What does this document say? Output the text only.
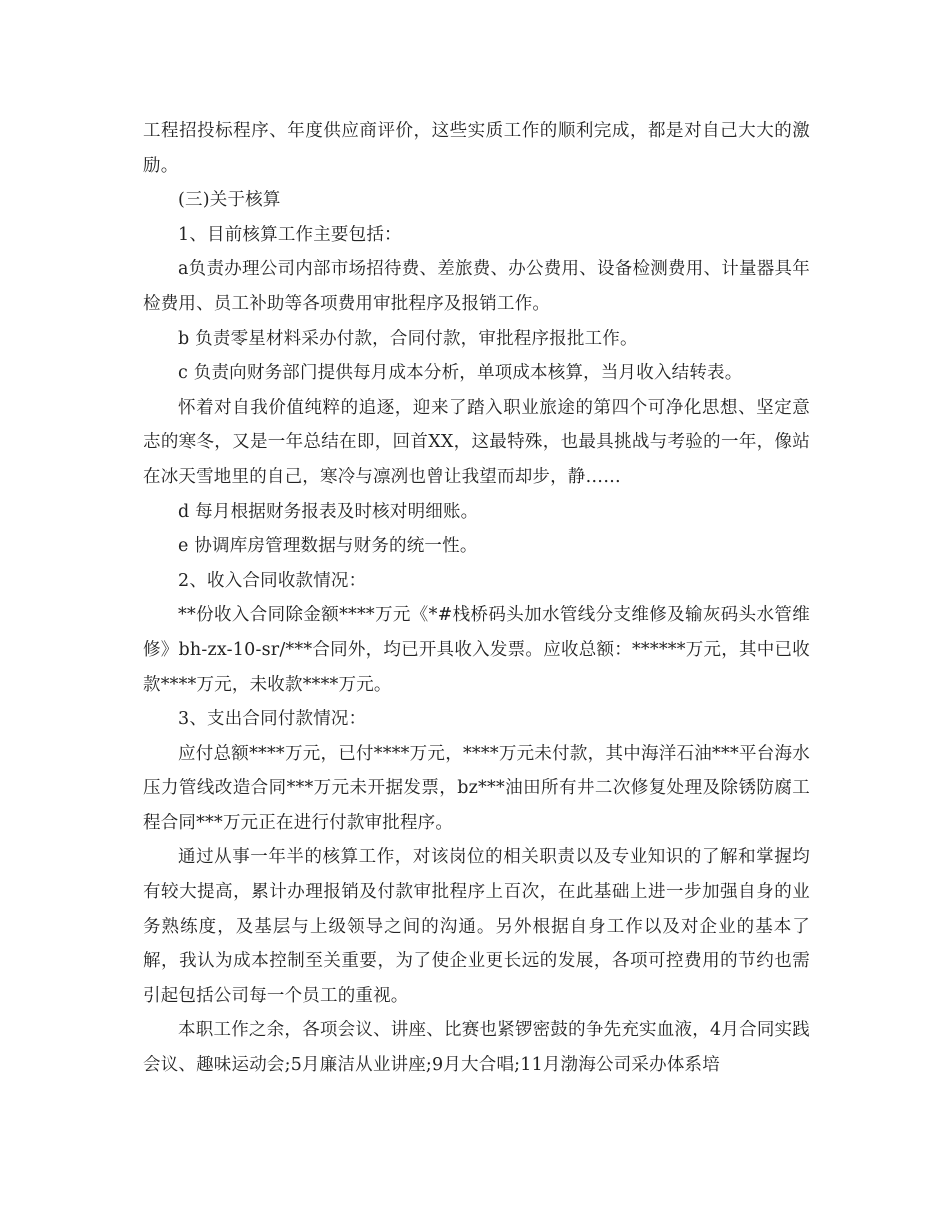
工程招投标程序、年度供应商评价，这些实质工作的顺利完成，都是对自己大大的激励。

(三)关于核算

1、目前核算工作主要包括：

a负责办理公司内部市场招待费、差旅费、办公费用、设备检测费用、计量器具年检费用、员工补助等各项费用审批程序及报销工作。

b 负责零星材料采办付款，合同付款，审批程序报批工作。

c 负责向财务部门提供每月成本分析，单项成本核算，当月收入结转表。

怀着对自我价值纯粹的追逐，迎来了踏入职业旅途的第四个可净化思想、坚定意志的寒冬，又是一年总结在即，回首XX，这最特殊，也最具挑战与考验的一年，像站在冰天雪地里的自己，寒冷与凛冽也曾让我望而却步，静……

d 每月根据财务报表及时核对明细账。

e 协调库房管理数据与财务的统一性。

2、收入合同收款情况：

**份收入合同除金额****万元《*#栈桥码头加水管线分支维修及输灰码头水管维修》bh-zx-10-sr/***合同外，均已开具收入发票。应收总额：******万元，其中已收款****万元，未收款****万元。

3、支出合同付款情况：

应付总额****万元，已付****万元，****万元未付款，其中海洋石油***平台海水压力管线改造合同***万元未开据发票，bz***油田所有井二次修复处理及除锈防腐工程合同***万元正在进行付款审批程序。

通过从事一年半的核算工作，对该岗位的相关职责以及专业知识的了解和掌握均有较大提高，累计办理报销及付款审批程序上百次，在此基础上进一步加强自身的业务熟练度，及基层与上级领导之间的沟通。另外根据自身工作以及对企业的基本了解，我认为成本控制至关重要，为了使企业更长远的发展，各项可控费用的节约也需引起包括公司每一个员工的重视。

本职工作之余，各项会议、讲座、比赛也紧锣密鼓的争先充实血液，4月合同实践会议、趣味运动会;5月廉洁从业讲座;9月大合唱;11月渤海公司采办体系培
